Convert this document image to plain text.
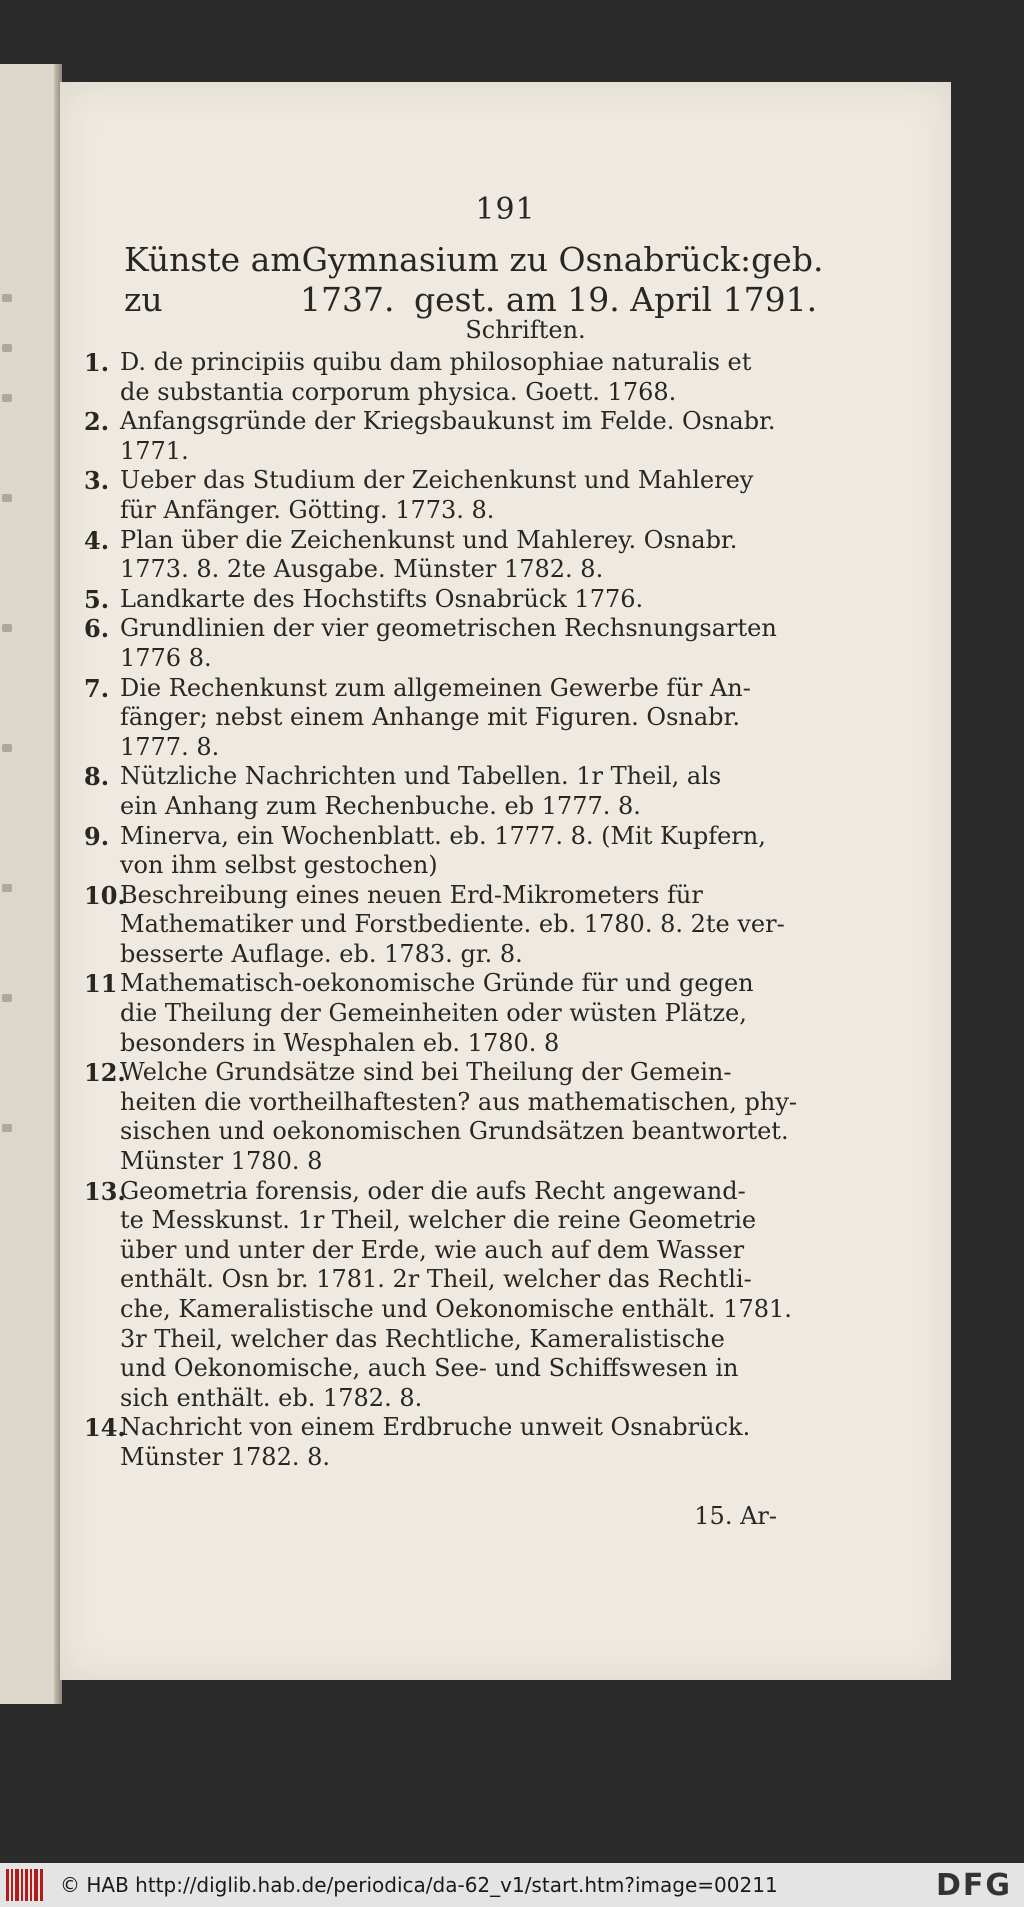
191
Künste am Gymnasium zu Osnabrück: geb.
zu	1737. gest. am 19. April 1791.
Schriften.
1. D. de principiis quibu dam philosophiae naturalis et
de substantia corporum physica. Goett. 1768.
2. Anfangsgründe der Kriegsbaukunst im Felde. Osnabr.
1771.
3. Ueber das Studium der Zeichenkunst und Mahlerey
für Anfänger. Götting. 1773. 8.
4. Plan über die Zeichenkunst und Mahlerey. Osnabr.
1773. 8. 2te Ausgabe. Münster 1782. 8.
5. Landkarte des Hochstifts Osnabrück 1776.
6. Grundlinien der vier geometrischen Rechsnungsarten
1776 8.
7. Die Rechenkunst zum allgemeinen Gewerbe für An-
fänger; nebst einem Anhange mit Figuren. Osnabr.
1777. 8.
8. Nützliche Nachrichten und Tabellen. 1r Theil, als
ein Anhang zum Rechenbuche. eb 1777. 8.
9. Minerva, ein Wochenblatt. eb. 1777. 8. (Mit Kupfern,
von ihm selbst gestochen)
10.
Beschreibung eines neuen Erd-Mikrometers für
Mathematiker und Forstbediente. eb. 1780. 8. 2te ver-
besserte Auflage. eb. 1783. gr. 8.
11 Mathematisch-oekonomische Gründe für und gegen
die Theilung der Gemeinheiten oder wüsten Plätze,
besonders in Wesphalen eb. 1780. 8
12.
Welche Grundsätze sind bei Theilung der Gemein-
heiten die vortheilhaftesten? aus mathematischen, phy-
sischen und oekonomischen Grundsätzen beantwortet.
Münster 1780. 8
13.
Geometria forensis, oder die aufs Recht angewand-
te Messkunst. 1r Theil, welcher die reine Geometrie
über und unter der Erde, wie auch auf dem Wasser
enthält. Osn br. 1781. 2r Theil, welcher das Rechtli-
che, Kameralistische und Oekonomische enthält. 1781.
3r Theil, welcher das Rechtliche, Kameralistische
und Oekonomische, auch See- und Schiffswesen in
sich enthält. eb. 1782. 8.
14.
Nachricht von einem Erdbruche unweit Osnabrück.
Münster 1782. 8.
15. Ar-
© HAB http://diglib.hab.de/periodica/da-62_v1/start.htm?image=00211	DFG
